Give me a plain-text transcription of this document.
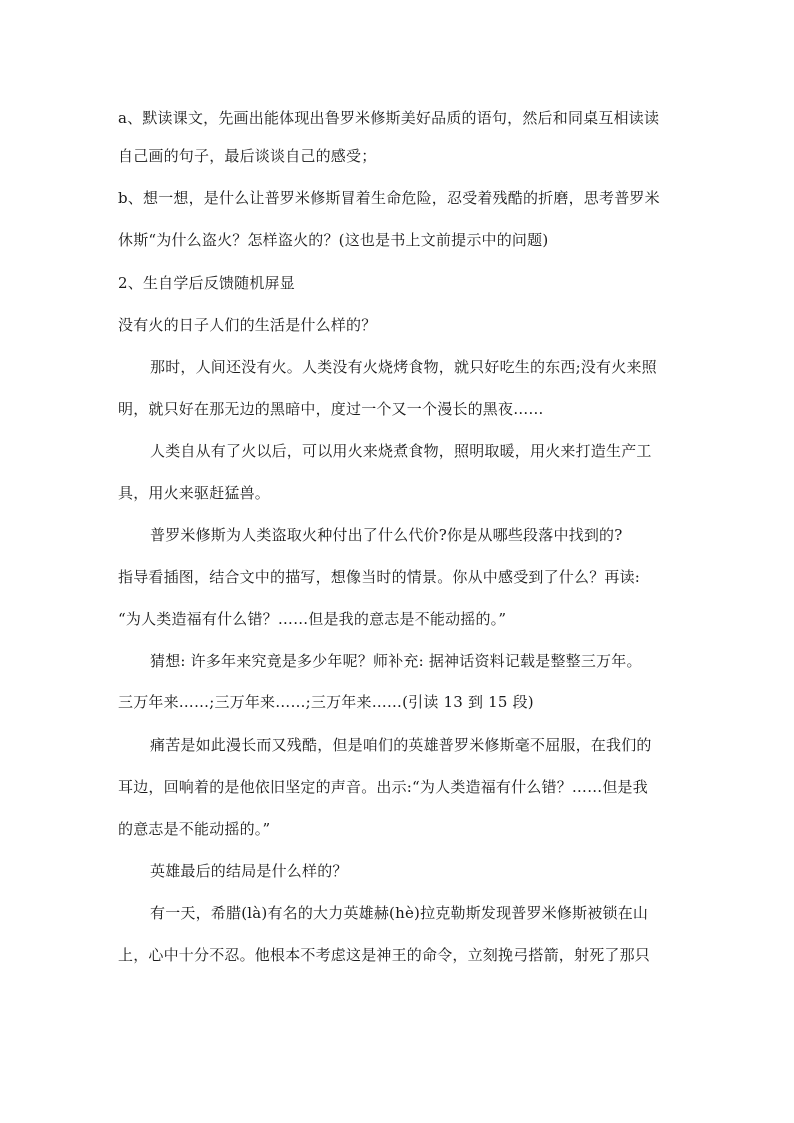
a、默读课文，先画出能体现出鲁罗米修斯美好品质的语句，然后和同桌互相读读
自己画的句子，最后谈谈自己的感受；
b、想一想，是什么让普罗米修斯冒着生命危险，忍受着残酷的折磨，思考普罗米
休斯“为什么盗火？怎样盗火的？(这也是书上文前提示中的问题)
2、生自学后反馈随机屏显
没有火的日子人们的生活是什么样的？
那时，人间还没有火。人类没有火烧烤食物，就只好吃生的东西;没有火来照
明，就只好在那无边的黑暗中，度过一个又一个漫长的黑夜……
人类自从有了火以后，可以用火来烧煮食物，照明取暖，用火来打造生产工
具，用火来驱赶猛兽。
普罗米修斯为人类盗取火种付出了什么代价?你是从哪些段落中找到的?
指导看插图，结合文中的描写，想像当时的情景。你从中感受到了什么？再读:
“为人类造福有什么错？……但是我的意志是不能动摇的。”
猜想: 许多年来究竟是多少年呢？师补充: 据神话资料记载是整整三万年。
三万年来……;三万年来……;三万年来……(引读 13 到 15 段)
痛苦是如此漫长而又残酷，但是咱们的英雄普罗米修斯毫不屈服，在我们的
耳边，回响着的是他依旧坚定的声音。出示:“为人类造福有什么错？……但是我
的意志是不能动摇的。”
英雄最后的结局是什么样的？
有一天，希腊(là)有名的大力英雄赫(hè)拉克勒斯发现普罗米修斯被锁在山
上，心中十分不忍。他根本不考虑这是神王的命令，立刻挽弓搭箭，射死了那只
